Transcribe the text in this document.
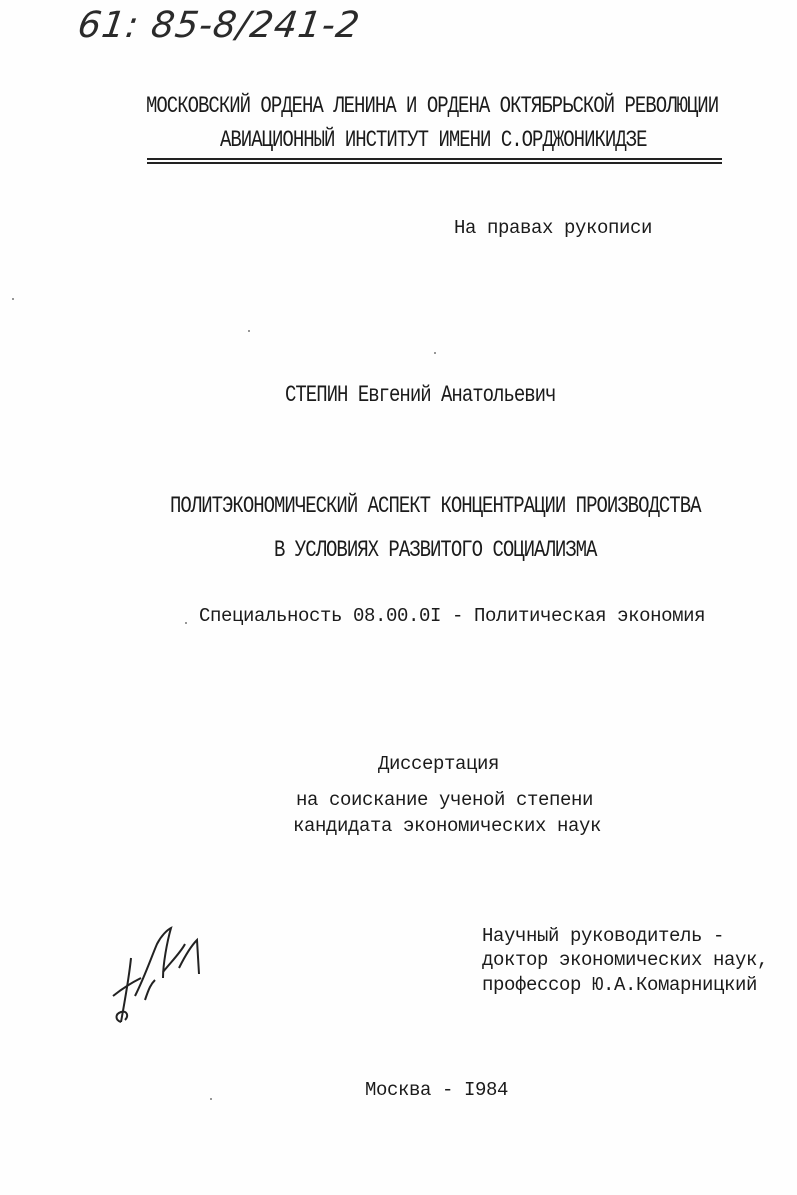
61: 85-8/241-2
МОСКОВСКИЙ ОРДЕНА ЛЕНИНА И ОРДЕНА ОКТЯБРЬСКОЙ РЕВОЛЮЦИИ
АВИАЦИОННЫЙ ИНСТИТУТ ИМЕНИ С.ОРДЖОНИКИДЗЕ
На правах рукописи
СТЕПИН Евгений Анатольевич
ПОЛИТЭКОНОМИЧЕСКИЙ АСПЕКТ КОНЦЕНТРАЦИИ ПРОИЗВОДСТВА
В УСЛОВИЯХ РАЗВИТОГО СОЦИАЛИЗМА
Специальность 08.00.0I - Политическая экономия
Диссертация
на соискание ученой степени
кандидата экономических наук
Научный руководитель -
доктор экономических наук,
профессор Ю.А.Комарницкий
Москва - I984
